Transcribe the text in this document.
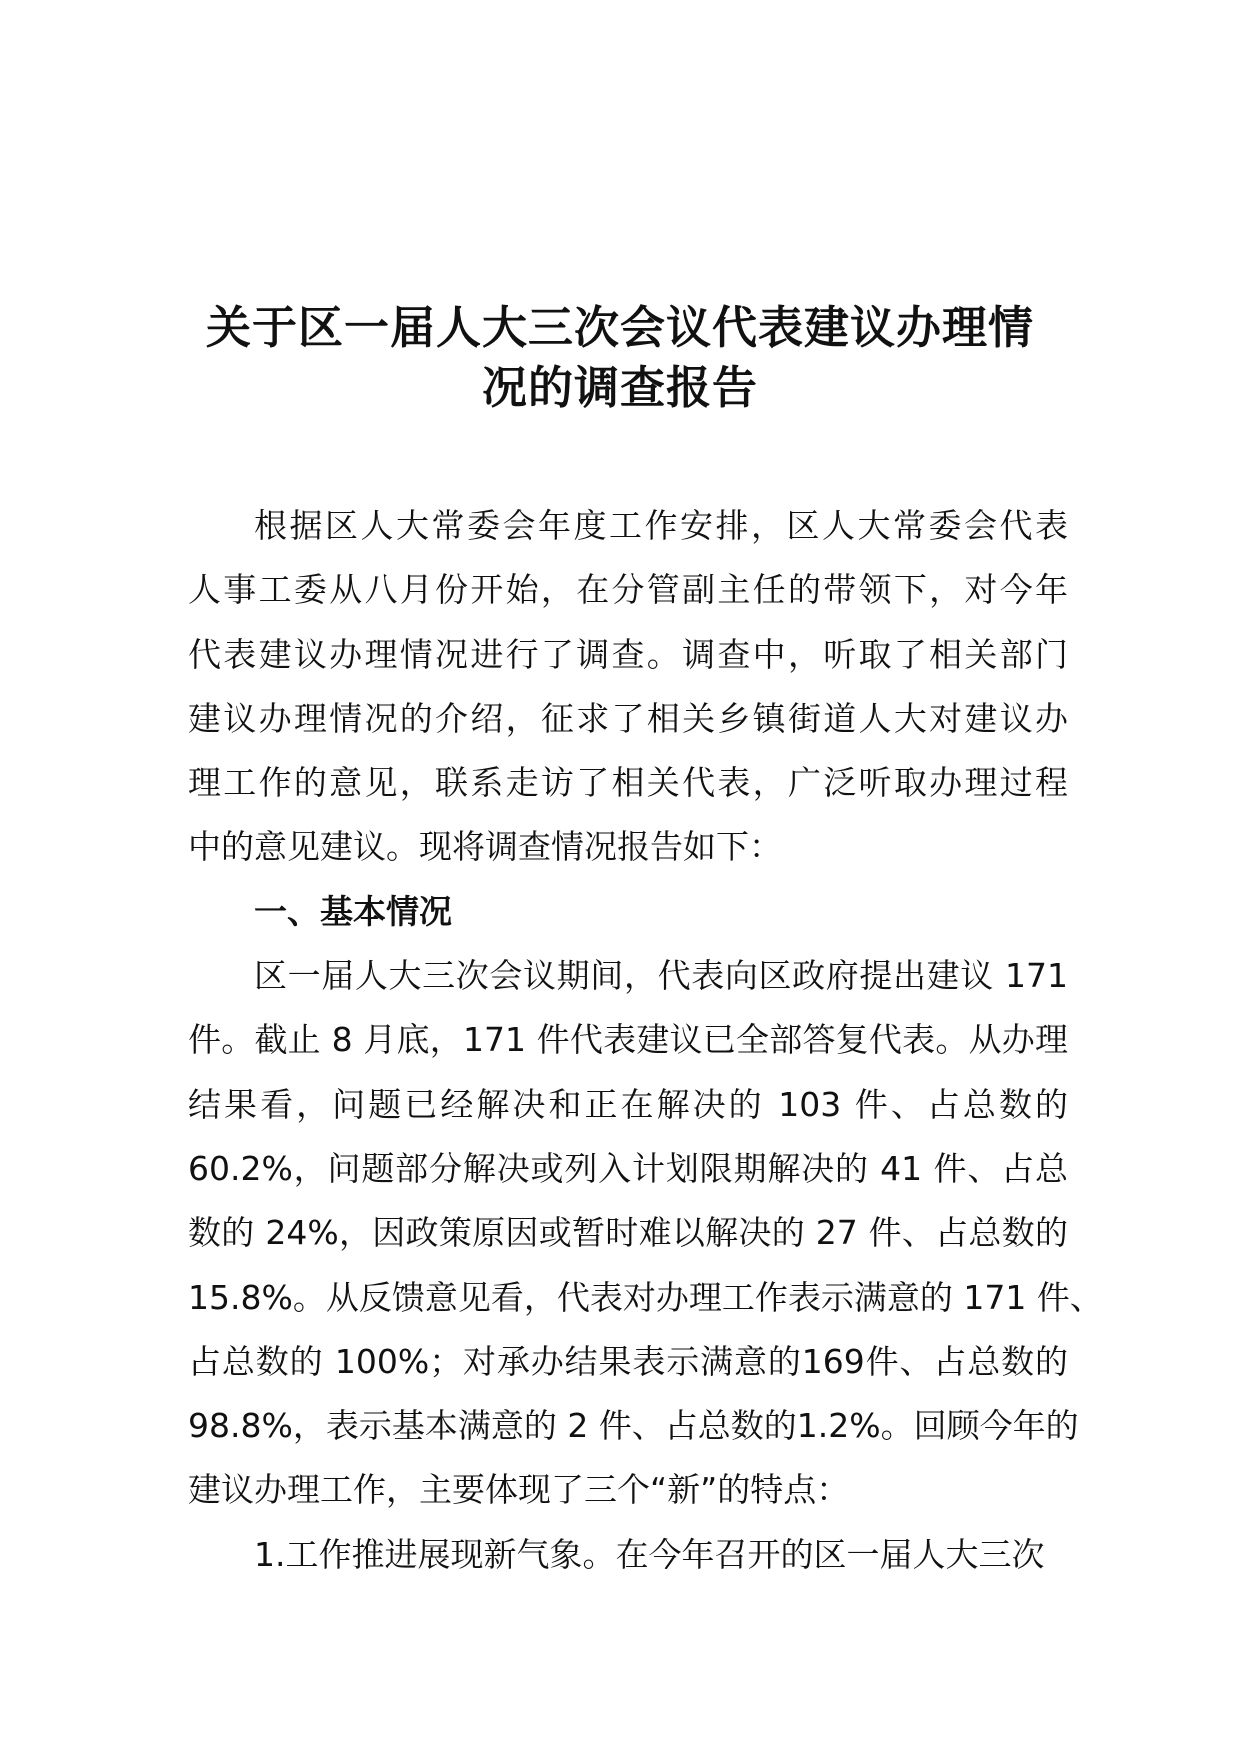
关于区一届人大三次会议代表建议办理情
况的调查报告
根据区人大常委会年度工作安排，区人大常委会代表
人事工委从八月份开始，在分管副主任的带领下，对今年
代表建议办理情况进行了调查。调查中，听取了相关部门
建议办理情况的介绍，征求了相关乡镇街道人大对建议办
理工作的意见，联系走访了相关代表，广泛听取办理过程
中的意见建议。现将调查情况报告如下：
一、基本情况
区一届人大三次会议期间，代表向区政府提出建议 171
件。截止 8 月底，171 件代表建议已全部答复代表。从办理
结果看，问题已经解决和正在解决的 103 件、占总数的
60.2%，问题部分解决或列入计划限期解决的 41 件、占总
数的 24%，因政策原因或暂时难以解决的 27 件、占总数的
15.8%。从反馈意见看，代表对办理工作表示满意的 171 件、
占总数的 100%；对承办结果表示满意的169件、占总数的
98.8%，表示基本满意的 2 件、占总数的1.2%。回顾今年的
建议办理工作，主要体现了三个“新”的特点：
1.工作推进展现新气象。在今年召开的区一届人大三次
